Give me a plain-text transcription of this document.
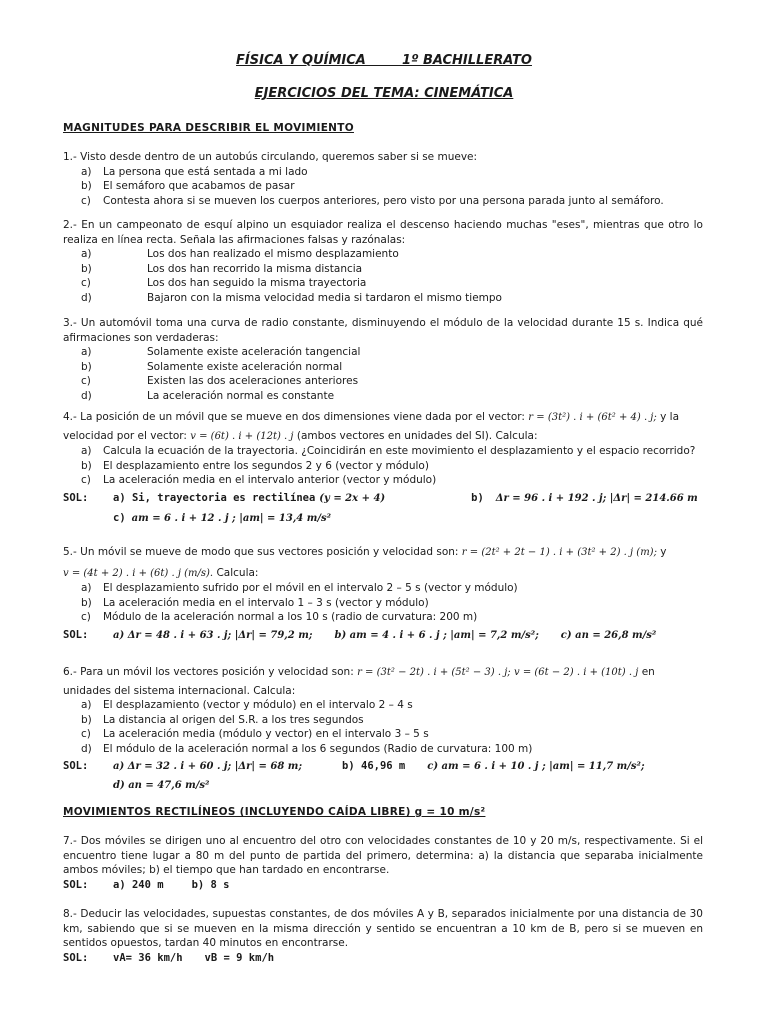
FÍSICA Y QUÍMICA        1º BACHILLERATO
EJERCICIOS DEL TEMA: CINEMÁTICA
MAGNITUDES PARA DESCRIBIR EL MOVIMIENTO

1.- Visto desde dentro de un autobús circulando, queremos saber si se mueve:

a)	La persona que está sentada a mi lado
b)	El semáforo que acabamos de pasar
c)	Contesta ahora si se mueven los cuerpos anteriores, pero visto por una persona parada junto al semáforo.

2.- En un campeonato de esquí alpino un esquiador realiza el descenso haciendo muchas "eses", mientras que otro lo realiza en línea recta. Señala las afirmaciones falsas y razónalas:

a)	Los dos han realizado el mismo desplazamiento
b)	Los dos han recorrido la misma distancia
c)	Los dos han seguido la misma trayectoria
d)	Bajaron con la misma velocidad media si tardaron el mismo tiempo

3.- Un automóvil toma una curva de radio constante, disminuyendo el módulo de la velocidad durante 15 s. Indica qué afirmaciones son verdaderas:

a)	Solamente existe aceleración tangencial
b)	Solamente existe aceleración normal
c)	Existen las dos aceleraciones anteriores
d)	La aceleración normal es constante

4.- La posición de un móvil que se mueve en dos dimensiones viene dada por el vector: r = (3t²) . i + (6t² + 4) . j; y la

velocidad por el vector: v = (6t) . i + (12t) . j (ambos vectores en unidades del SI). Calcula:

a)	Calcula la ecuación de la trayectoria. ¿Coincidirán en este movimiento el desplazamiento y el espacio recorrido?
b)	El desplazamiento entre los segundos 2 y 6 (vector y módulo)
c)	La aceleración media en el intervalo anterior (vector y módulo)
SOL:	a) Si, trayectoria es rectilínea (y = 2x + 4)	b) Δr = 96 . i + 192 . j; |Δr| = 214.66 m
c) am = 6 . i + 12 . j ; |am| = 13,4 m/s²

5.- Un móvil se mueve de modo que sus vectores posición y velocidad son: r = (2t² + 2t − 1) . i + (3t² + 2) . j (m); y

v = (4t + 2) . i + (6t) . j (m/s). Calcula:

a)	El desplazamiento sufrido por el móvil en el intervalo 2 – 5 s (vector y módulo)
b)	La aceleración media en el intervalo 1 – 3 s (vector y módulo)
c)	Módulo de la aceleración normal a los 10 s (radio de curvatura: 200 m)
SOL:	a) Δr = 48 . i + 63 . j; |Δr| = 79,2 m; b) am = 4 . i + 6 . j ; |am| = 7,2 m/s²; c) an = 26,8 m/s²

6.- Para un móvil los vectores posición y velocidad son: r = (3t² − 2t) . i + (5t² − 3) . j; v = (6t − 2) . i + (10t) . j en

unidades del sistema internacional. Calcula:

a)	El desplazamiento (vector y módulo) en el intervalo 2 – 4 s
b)	La distancia al origen del S.R. a los tres segundos
c)	La aceleración media (módulo y vector) en el intervalo 3 – 5 s
d)	El módulo de la aceleración normal a los 6 segundos (Radio de curvatura: 100 m)
SOL:	a) Δr = 32 . i + 60 . j; |Δr| = 68 m;	b) 46,96 m c) am = 6 . i + 10 . j ; |am| = 11,7 m/s²;
d) an = 47,6 m/s²
MOVIMIENTOS RECTILÍNEOS (INCLUYENDO CAÍDA LIBRE) g = 10 m/s²

7.- Dos móviles se dirigen uno al encuentro del otro con velocidades constantes de 10 y 20 m/s, respectivamente. Si el encuentro tiene lugar a 80 m del punto de partida del primero, determina: a) la distancia que separaba inicialmente ambos móviles; b) el tiempo que han tardado en encontrarse.

SOL:	a) 240 m	b) 8 s

8.- Deducir las velocidades, supuestas constantes, de dos móviles A y B, separados inicialmente por una distancia de 30 km, sabiendo que si se mueven en la misma dirección y sentido se encuentran a 10 km de B, pero si se mueven en sentidos opuestos, tardan 40 minutos en encontrarse.

SOL:	vA= 36 km/h vB = 9 km/h
